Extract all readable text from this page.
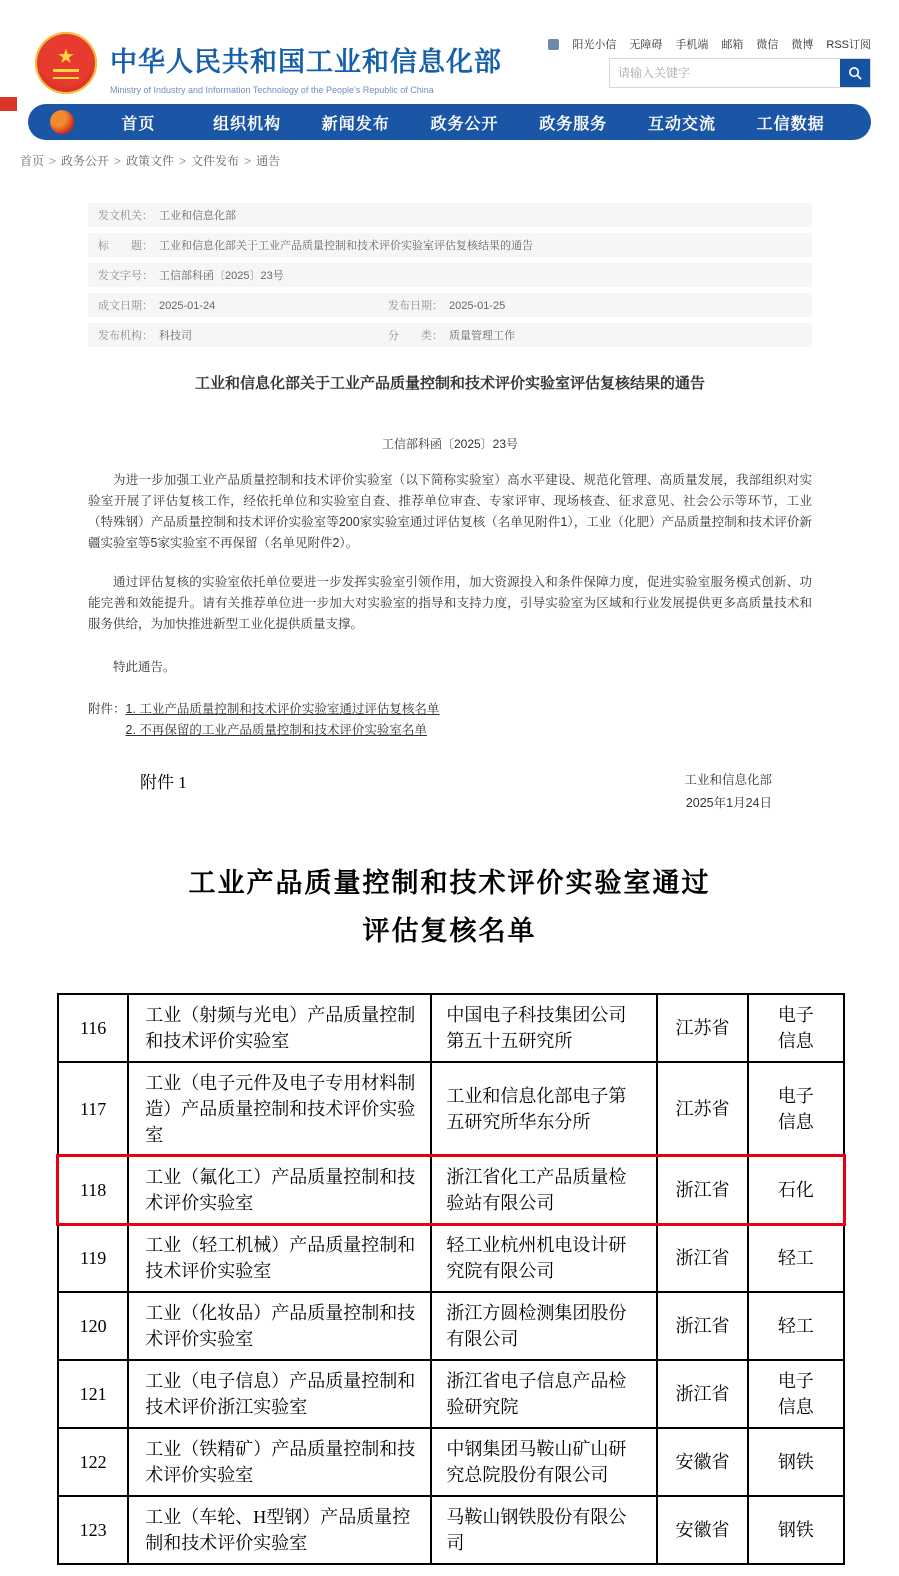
★ 中华人民共和国工业和信息化部
Ministry of Industry and Information Technology of the People's Republic of China
阳光小信 无障碍 手机端 邮箱 微信 微博 RSS订阅
请输入关键字
首页	组织机构	新闻发布	政务公开	政务服务	互动交流	工信数据
首页 > 政务公开 > 政策文件 > 文件发布 > 通告
发文机关： 工业和信息化部
标　　题： 工业和信息化部关于工业产品质量控制和技术评价实验室评估复核结果的通告
发文字号： 工信部科函〔2025〕23号
成文日期： 2025-01-24	发布日期： 2025-01-25
发布机构： 科技司	分　　类： 质量管理工作
工业和信息化部关于工业产品质量控制和技术评价实验室评估复核结果的通告
工信部科函〔2025〕23号

为进一步加强工业产品质量控制和技术评价实验室（以下简称实验室）高水平建设、规范化管理、高质量发展，我部组织对实验室开展了评估复核工作，经依托单位和实验室自查、推荐单位审查、专家评审、现场核查、征求意见、社会公示等环节，工业（特殊钢）产品质量控制和技术评价实验室等200家实验室通过评估复核（名单见附件1），工业（化肥）产品质量控制和技术评价新疆实验室等5家实验室不再保留（名单见附件2）。

通过评估复核的实验室依托单位要进一步发挥实验室引领作用，加大资源投入和条件保障力度，促进实验室服务模式创新、功能完善和效能提升。请有关推荐单位进一步加大对实验室的指导和支持力度，引导实验室为区域和行业发展提供更多高质量技术和服务供给，为加快推进新型工业化提供质量支撑。

特此通告。
附件： 1. 工业产品质量控制和技术评价实验室通过评估复核名单
2. 不再保留的工业产品质量控制和技术评价实验室名单
工业和信息化部
2025年1月24日
附件 1
工业产品质量控制和技术评价实验室通过
评估复核名单
116	工业（射频与光电）产品质量控制和技术评价实验室	中国电子科技集团公司第五十五研究所	江苏省	电子信息
117	工业（电子元件及电子专用材料制造）产品质量控制和技术评价实验室	工业和信息化部电子第五研究所华东分所	江苏省	电子信息
118	工业（氟化工）产品质量控制和技术评价实验室	浙江省化工产品质量检验站有限公司	浙江省	石化
119	工业（轻工机械）产品质量控制和技术评价实验室	轻工业杭州机电设计研究院有限公司	浙江省	轻工
120	工业（化妆品）产品质量控制和技术评价实验室	浙江方圆检测集团股份有限公司	浙江省	轻工
121	工业（电子信息）产品质量控制和技术评价浙江实验室	浙江省电子信息产品检验研究院	浙江省	电子信息
122	工业（铁精矿）产品质量控制和技术评价实验室	中钢集团马鞍山矿山研究总院股份有限公司	安徽省	钢铁
123	工业（车轮、H型钢）产品质量控制和技术评价实验室	马鞍山钢铁股份有限公司	安徽省	钢铁
